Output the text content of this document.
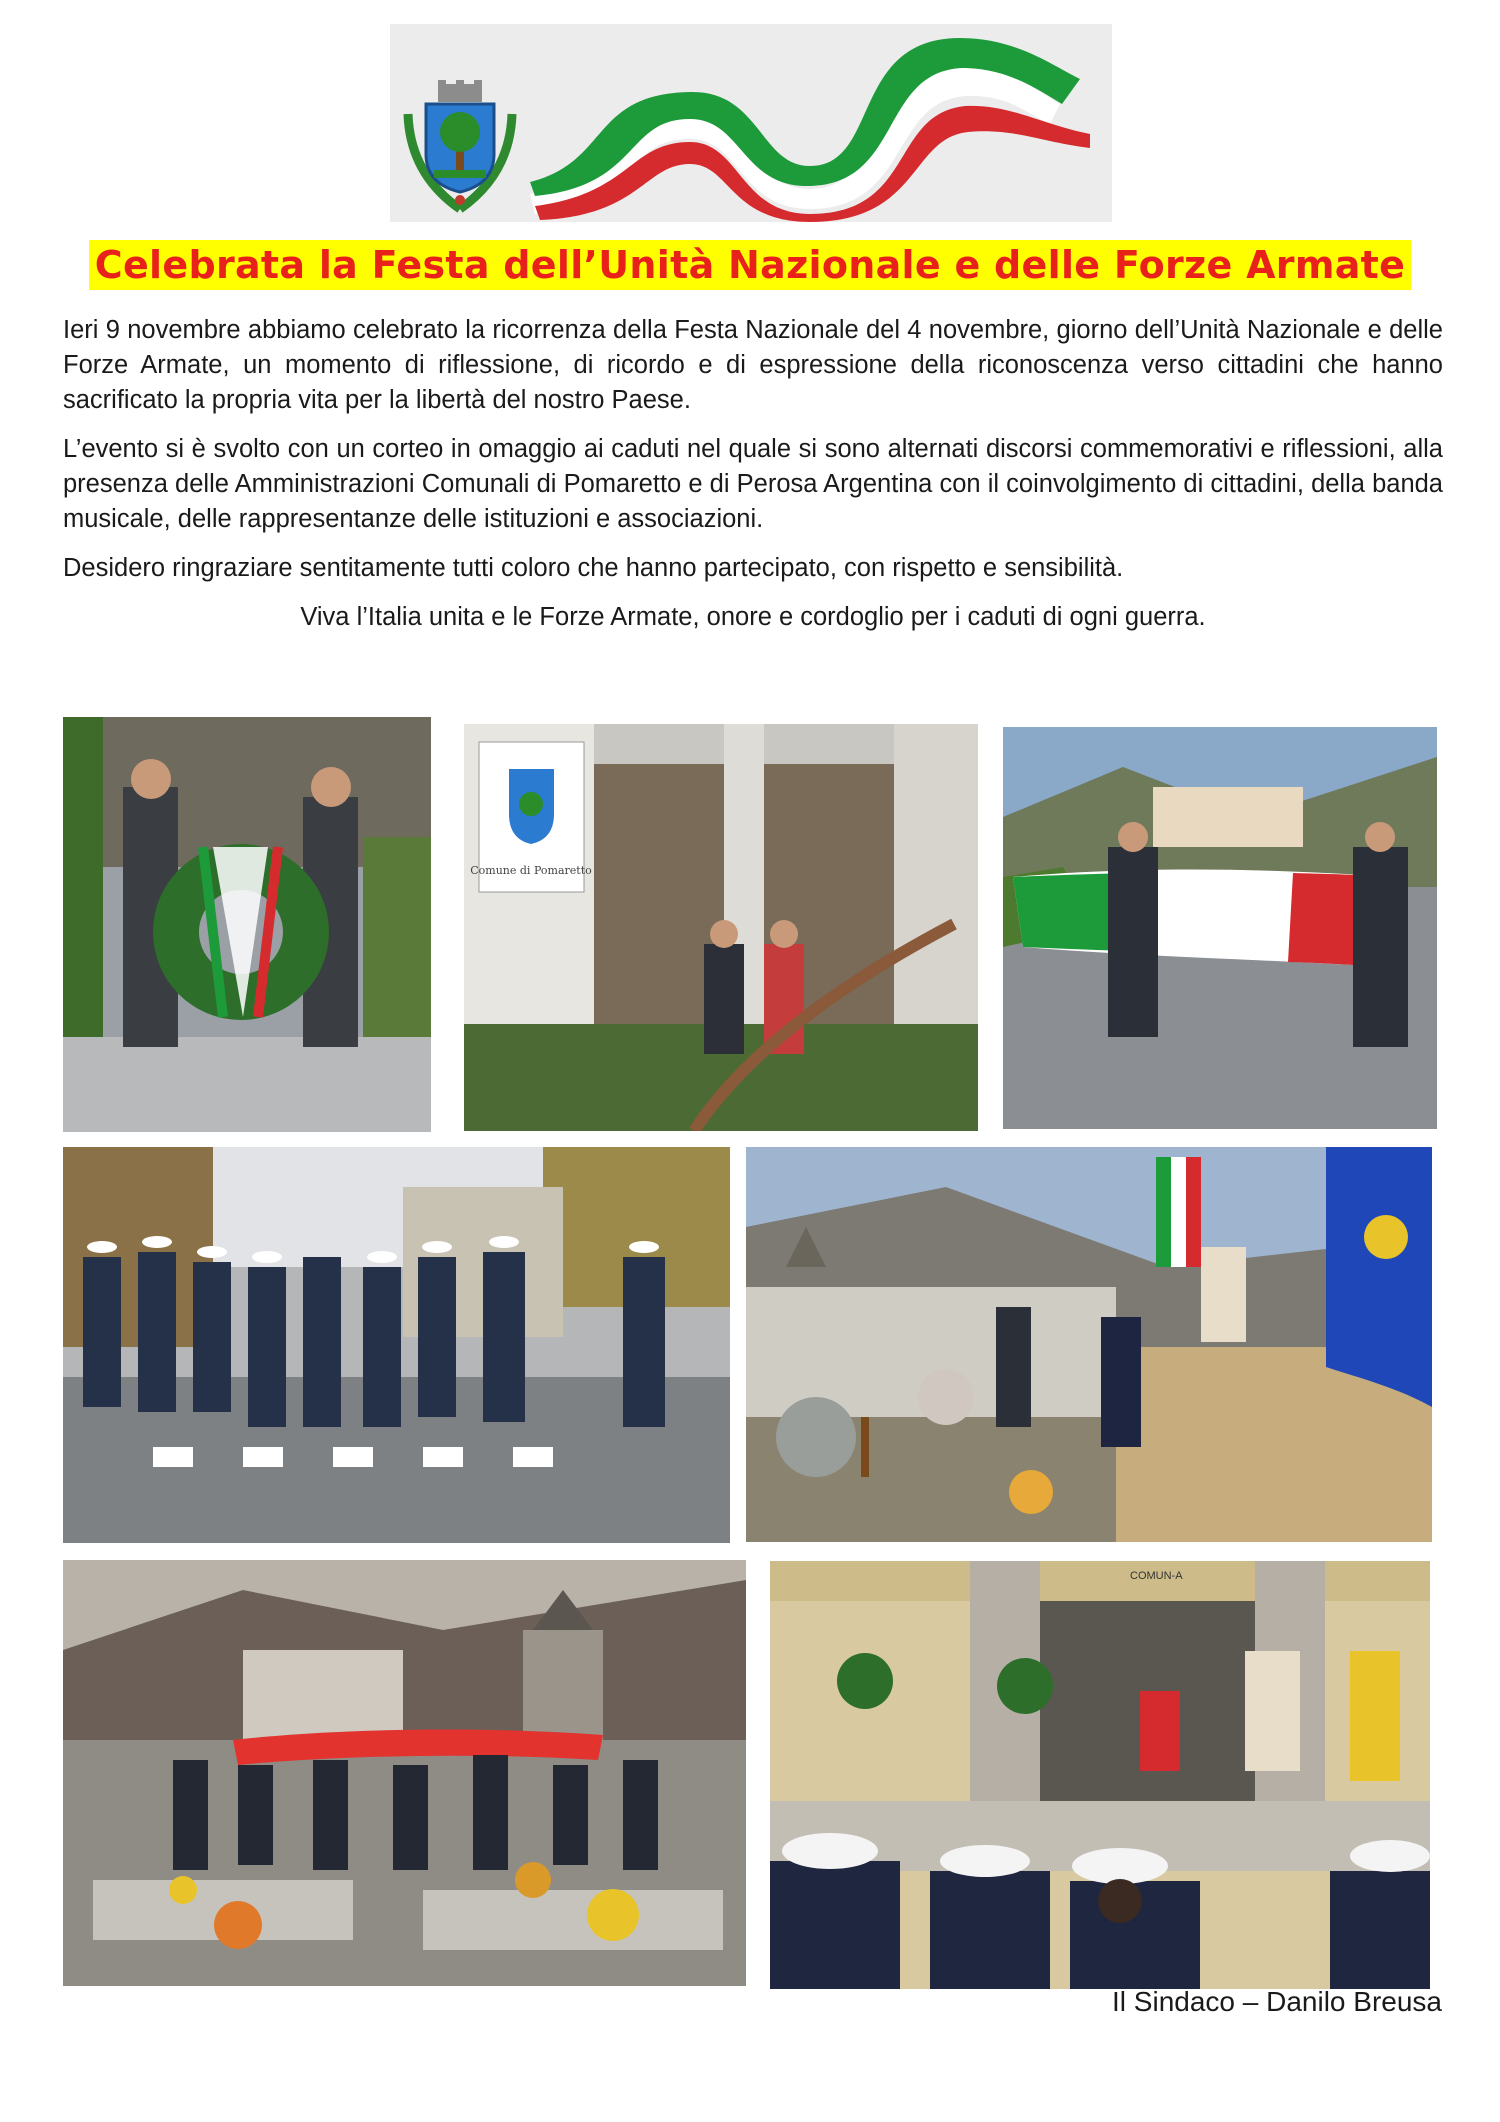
Celebrata la Festa dell’Unità Nazionale e delle Forze Armate

Ieri 9 novembre abbiamo celebrato la ricorrenza della Festa Nazionale del 4 novembre, giorno dell’Unità Nazionale e delle Forze Armate, un momento di riflessione, di ricordo e di espressione della riconoscenza verso cittadini che hanno sacrificato la propria vita per la libertà del nostro Paese.

L’evento si è svolto con un corteo in omaggio ai caduti nel quale si sono alternati discorsi commemorativi e riflessioni, alla presenza delle Amministrazioni Comunali di Pomaretto e di Perosa Argentina con il coinvolgimento di cittadini, della banda musicale, delle rappresentanze delle istituzioni e associazioni.

Desidero ringraziare sentitamente tutti coloro che hanno partecipato, con rispetto e sensibilità.

Viva l’Italia unita e le Forze Armate, onore e cordoglio per i caduti di ogni guerra.

Comune di Pomaretto
COMUN-A
Il Sindaco – Danilo Breusa
